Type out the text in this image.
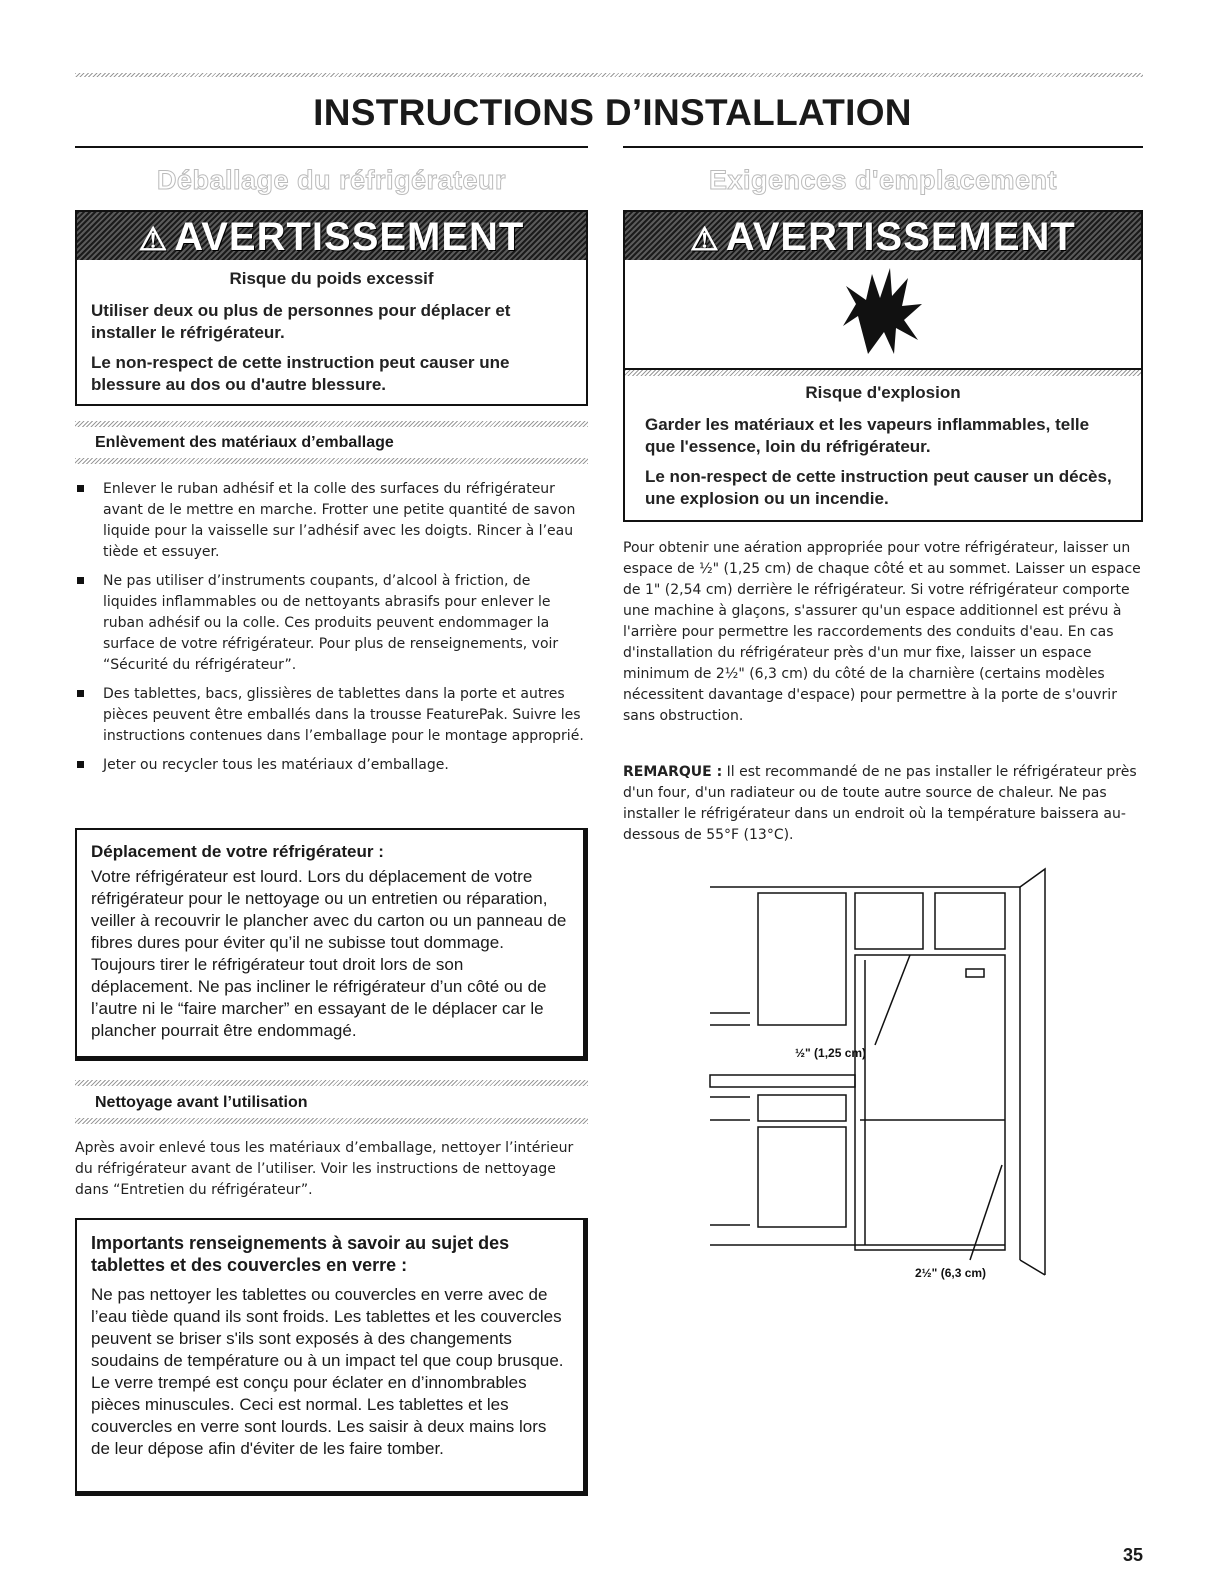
INSTRUCTIONS D’INSTALLATION
Déballage du réfrigérateur
⚠ AVERTISSEMENT
Risque du poids excessif
Utiliser deux ou plus de personnes pour déplacer et installer le réfrigérateur.
Le non-respect de cette instruction peut causer une blessure au dos ou d'autre blessure.
Enlèvement des matériaux d’emballage
Enlever le ruban adhésif et la colle des surfaces du réfrigérateur avant de le mettre en marche. Frotter une petite quantité de savon liquide pour la vaisselle sur l’adhésif avec les doigts. Rincer à l’eau tiède et essuyer.
Ne pas utiliser d’instruments coupants, d’alcool à friction, de liquides inflammables ou de nettoyants abrasifs pour enlever le ruban adhésif ou la colle. Ces produits peuvent endommager la surface de votre réfrigérateur. Pour plus de renseignements, voir “Sécurité du réfrigérateur”.
Des tablettes, bacs, glissières de tablettes dans la porte et autres pièces peuvent être emballés dans la trousse FeaturePak. Suivre les instructions contenues dans l’emballage pour le montage approprié.
Jeter ou recycler tous les matériaux d’emballage.
Déplacement de votre réfrigérateur :
Votre réfrigérateur est lourd. Lors du déplacement de votre réfrigérateur pour le nettoyage ou un entretien ou réparation, veiller à recouvrir le plancher avec du carton ou un panneau de fibres dures pour éviter qu’il ne subisse tout dommage. Toujours tirer le réfrigérateur tout droit lors de son déplacement. Ne pas incliner le réfrigérateur d’un côté ou de l’autre ni le “faire marcher” en essayant de le déplacer car le plancher pourrait être endommagé.
Nettoyage avant l’utilisation
Après avoir enlevé tous les matériaux d’emballage, nettoyer l’intérieur du réfrigérateur avant de l’utiliser. Voir les instructions de nettoyage dans “Entretien du réfrigérateur”.
Importants renseignements à savoir au sujet des tablettes et des couvercles en verre :
Ne pas nettoyer les tablettes ou couvercles en verre avec de l’eau tiède quand ils sont froids. Les tablettes et les couvercles peuvent se briser s'ils sont exposés à des changements soudains de température ou à un impact tel que coup brusque. Le verre trempé est conçu pour éclater en d’innombrables pièces minuscules. Ceci est normal. Les tablettes et les couvercles en verre sont lourds. Les saisir à deux mains lors de leur dépose afin d'éviter de les faire tomber.
Exigences d'emplacement
⚠ AVERTISSEMENT
Risque d'explosion
Garder les matériaux et les vapeurs inflammables, telle que l'essence, loin du réfrigérateur.
Le non-respect de cette instruction peut causer un décès, une explosion ou un incendie.
Pour obtenir une aération appropriée pour votre réfrigérateur, laisser un espace de ½" (1,25 cm) de chaque côté et au sommet. Laisser un espace de 1" (2,54 cm) derrière le réfrigérateur. Si votre réfrigérateur comporte une machine à glaçons, s'assurer qu'un espace additionnel est prévu à l'arrière pour permettre les raccordements des conduits d'eau. En cas d'installation du réfrigérateur près d'un mur fixe, laisser un espace minimum de 2½" (6,3 cm) du côté de la charnière (certains modèles nécessitent davantage d'espace) pour permettre à la porte de s'ouvrir sans obstruction.
REMARQUE : Il est recommandé de ne pas installer le réfrigérateur près d'un four, d'un radiateur ou de toute autre source de chaleur. Ne pas installer le réfrigérateur dans un endroit où la température baissera au-dessous de 55°F (13°C).
½" (1,25 cm)
2½" (6,3 cm)
35
